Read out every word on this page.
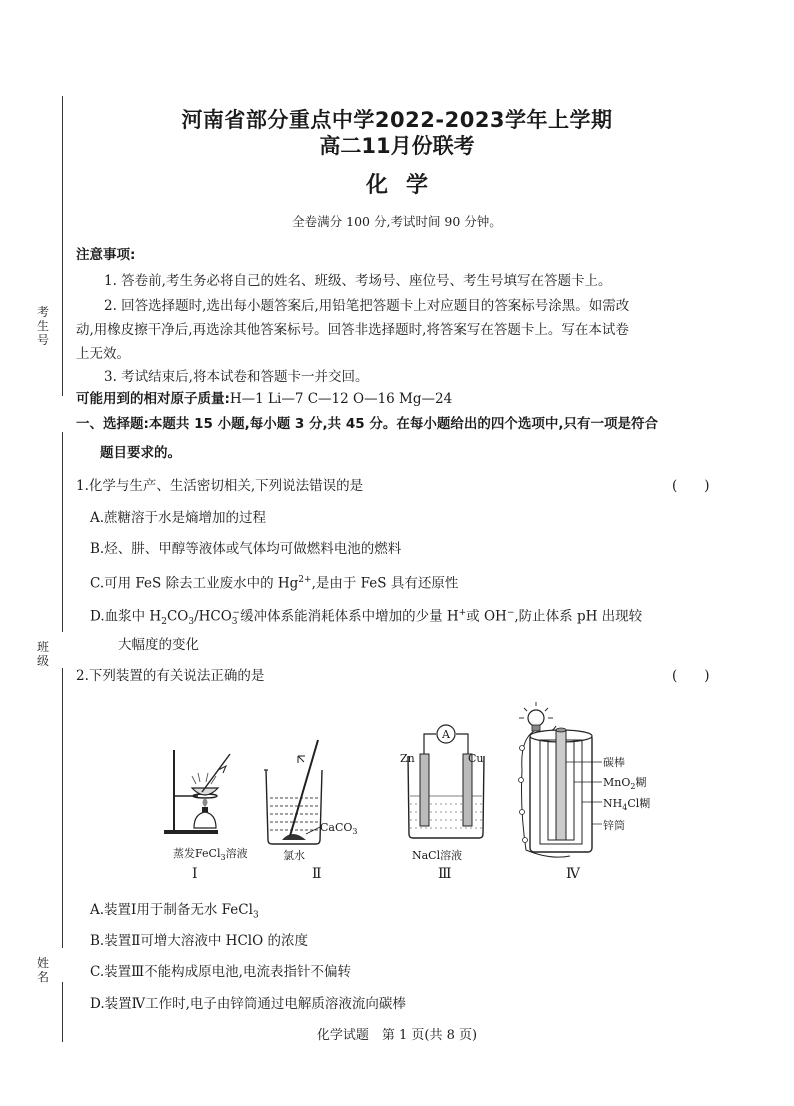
考生号
班级
姓名
河南省部分重点中学2022-2023学年上学期
高二11月份联考
化学
全卷满分 100 分,考试时间 90 分钟。
注意事项:
1. 答卷前,考生务必将自己的姓名、班级、考场号、座位号、考生号填写在答题卡上。
2. 回答选择题时,选出每小题答案后,用铅笔把答题卡上对应题目的答案标号涂黑。如需改
动,用橡皮擦干净后,再选涂其他答案标号。回答非选择题时,将答案写在答题卡上。写在本试卷
上无效。
3. 考试结束后,将本试卷和答题卡一并交回。
可能用到的相对原子质量:H—1 Li—7 C—12 O—16 Mg—24
一、选择题:本题共 15 小题,每小题 3 分,共 45 分。在每小题给出的四个选项中,只有一项是符合
题目要求的。
1.化学与生产、生活密切相关,下列说法错误的是	(　　)
A.蔗糖溶于水是熵增加的过程
B.烃、肼、甲醇等液体或气体均可做燃料电池的燃料
C.可用 FeS 除去工业废水中的 $Hg^{2+}$,是由于 FeS 具有还原性
D.血浆中 $H_2CO_3/HCO_3^-$缓冲体系能消耗体系中增加的少量 H+或 OH−,防止体系 pH 出现较
大幅度的变化
2.下列装置的有关说法正确的是	(　　)
蒸发FeCl$_3$溶液
Ⅰ
CaCO$_3$
氯水
Ⅱ
A
Zn	Cu
NaCl溶液
Ⅲ
碳棒
MnO$_2$糊
$NH_4Cl$糊
锌筒
Ⅳ
A.装置Ⅰ用于制备无水 FeCl$_3$
B.装置Ⅱ可增大溶液中 HClO 的浓度
C.装置Ⅲ不能构成原电池,电流表指针不偏转
D.装置Ⅳ工作时,电子由锌筒通过电解质溶液流向碳棒
化学试题　第 1 页(共 8 页)
